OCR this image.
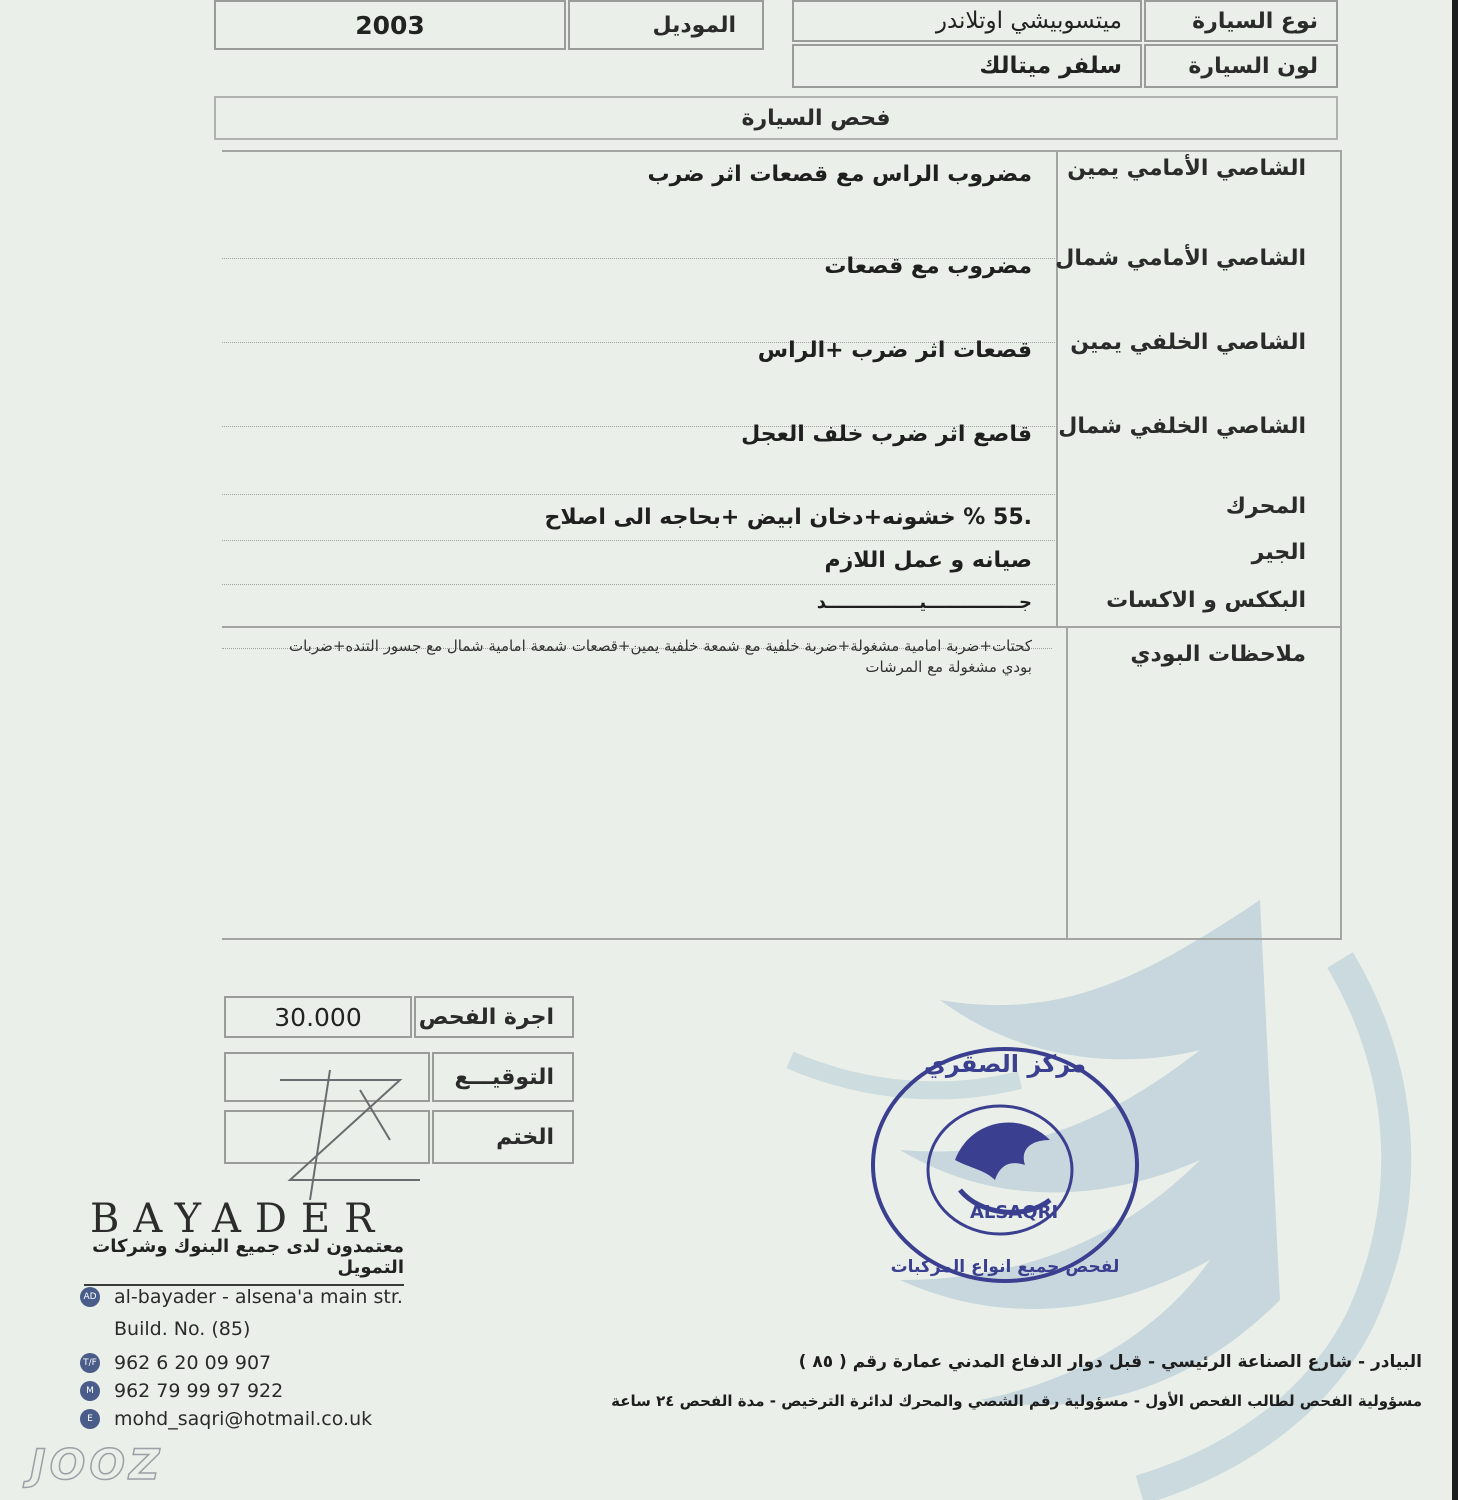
نوع السيارة
ميتسوبيشي اوتلاندر
الموديل
2003
لون السيارة
سلفر ميتالك
فحص السيارة
الشاصي الأمامي يمين
مضروب الراس مع قصعات اثر ضرب
الشاصي الأمامي شمال
مضروب مع قصعات
الشاصي الخلفي يمين
قصعات اثر ضرب +الراس
الشاصي الخلفي شمال
قاصع اثر ضرب خلف العجل
المحرك
.55 % خشونه+دخان ابيض +بحاجه الى اصلاح
الجير
صيانه و عمل اللازم
البككس و الاكسات
جـــــــــــــــيـــــــــــــــد
ملاحظات البودي
كحتات+ضربة امامية مشغولة+ضربة خلفية مع شمعة خلفية يمين+قصعات شمعة امامية شمال مع جسور التنده+ضربات بودي مشغولة مع المرشات
اجرة الفحص
30.000
التوقيـــع
الختم
BAYADER
معتمدون لدى جميع البنوك وشركات التمويل
AD al-bayader - alsena'a main str.
Build. No. (85)
T/F 962 6 20 09 907
M	962 79 99 97 922
E	mohd_saqri@hotmail.co.uk
ALSAQRI
مركز الصقري
لفحص جميع انواع المركبات
البيادر - شارع الصناعة الرئيسي - قبل دوار الدفاع المدني عمارة رقم ( ٨٥ )
مسؤولية الفحص لطالب الفحص الأول - مسؤولية رقم الشصي والمحرك لدائرة الترخيص - مدة الفحص ٢٤ ساعة
JOOZ
